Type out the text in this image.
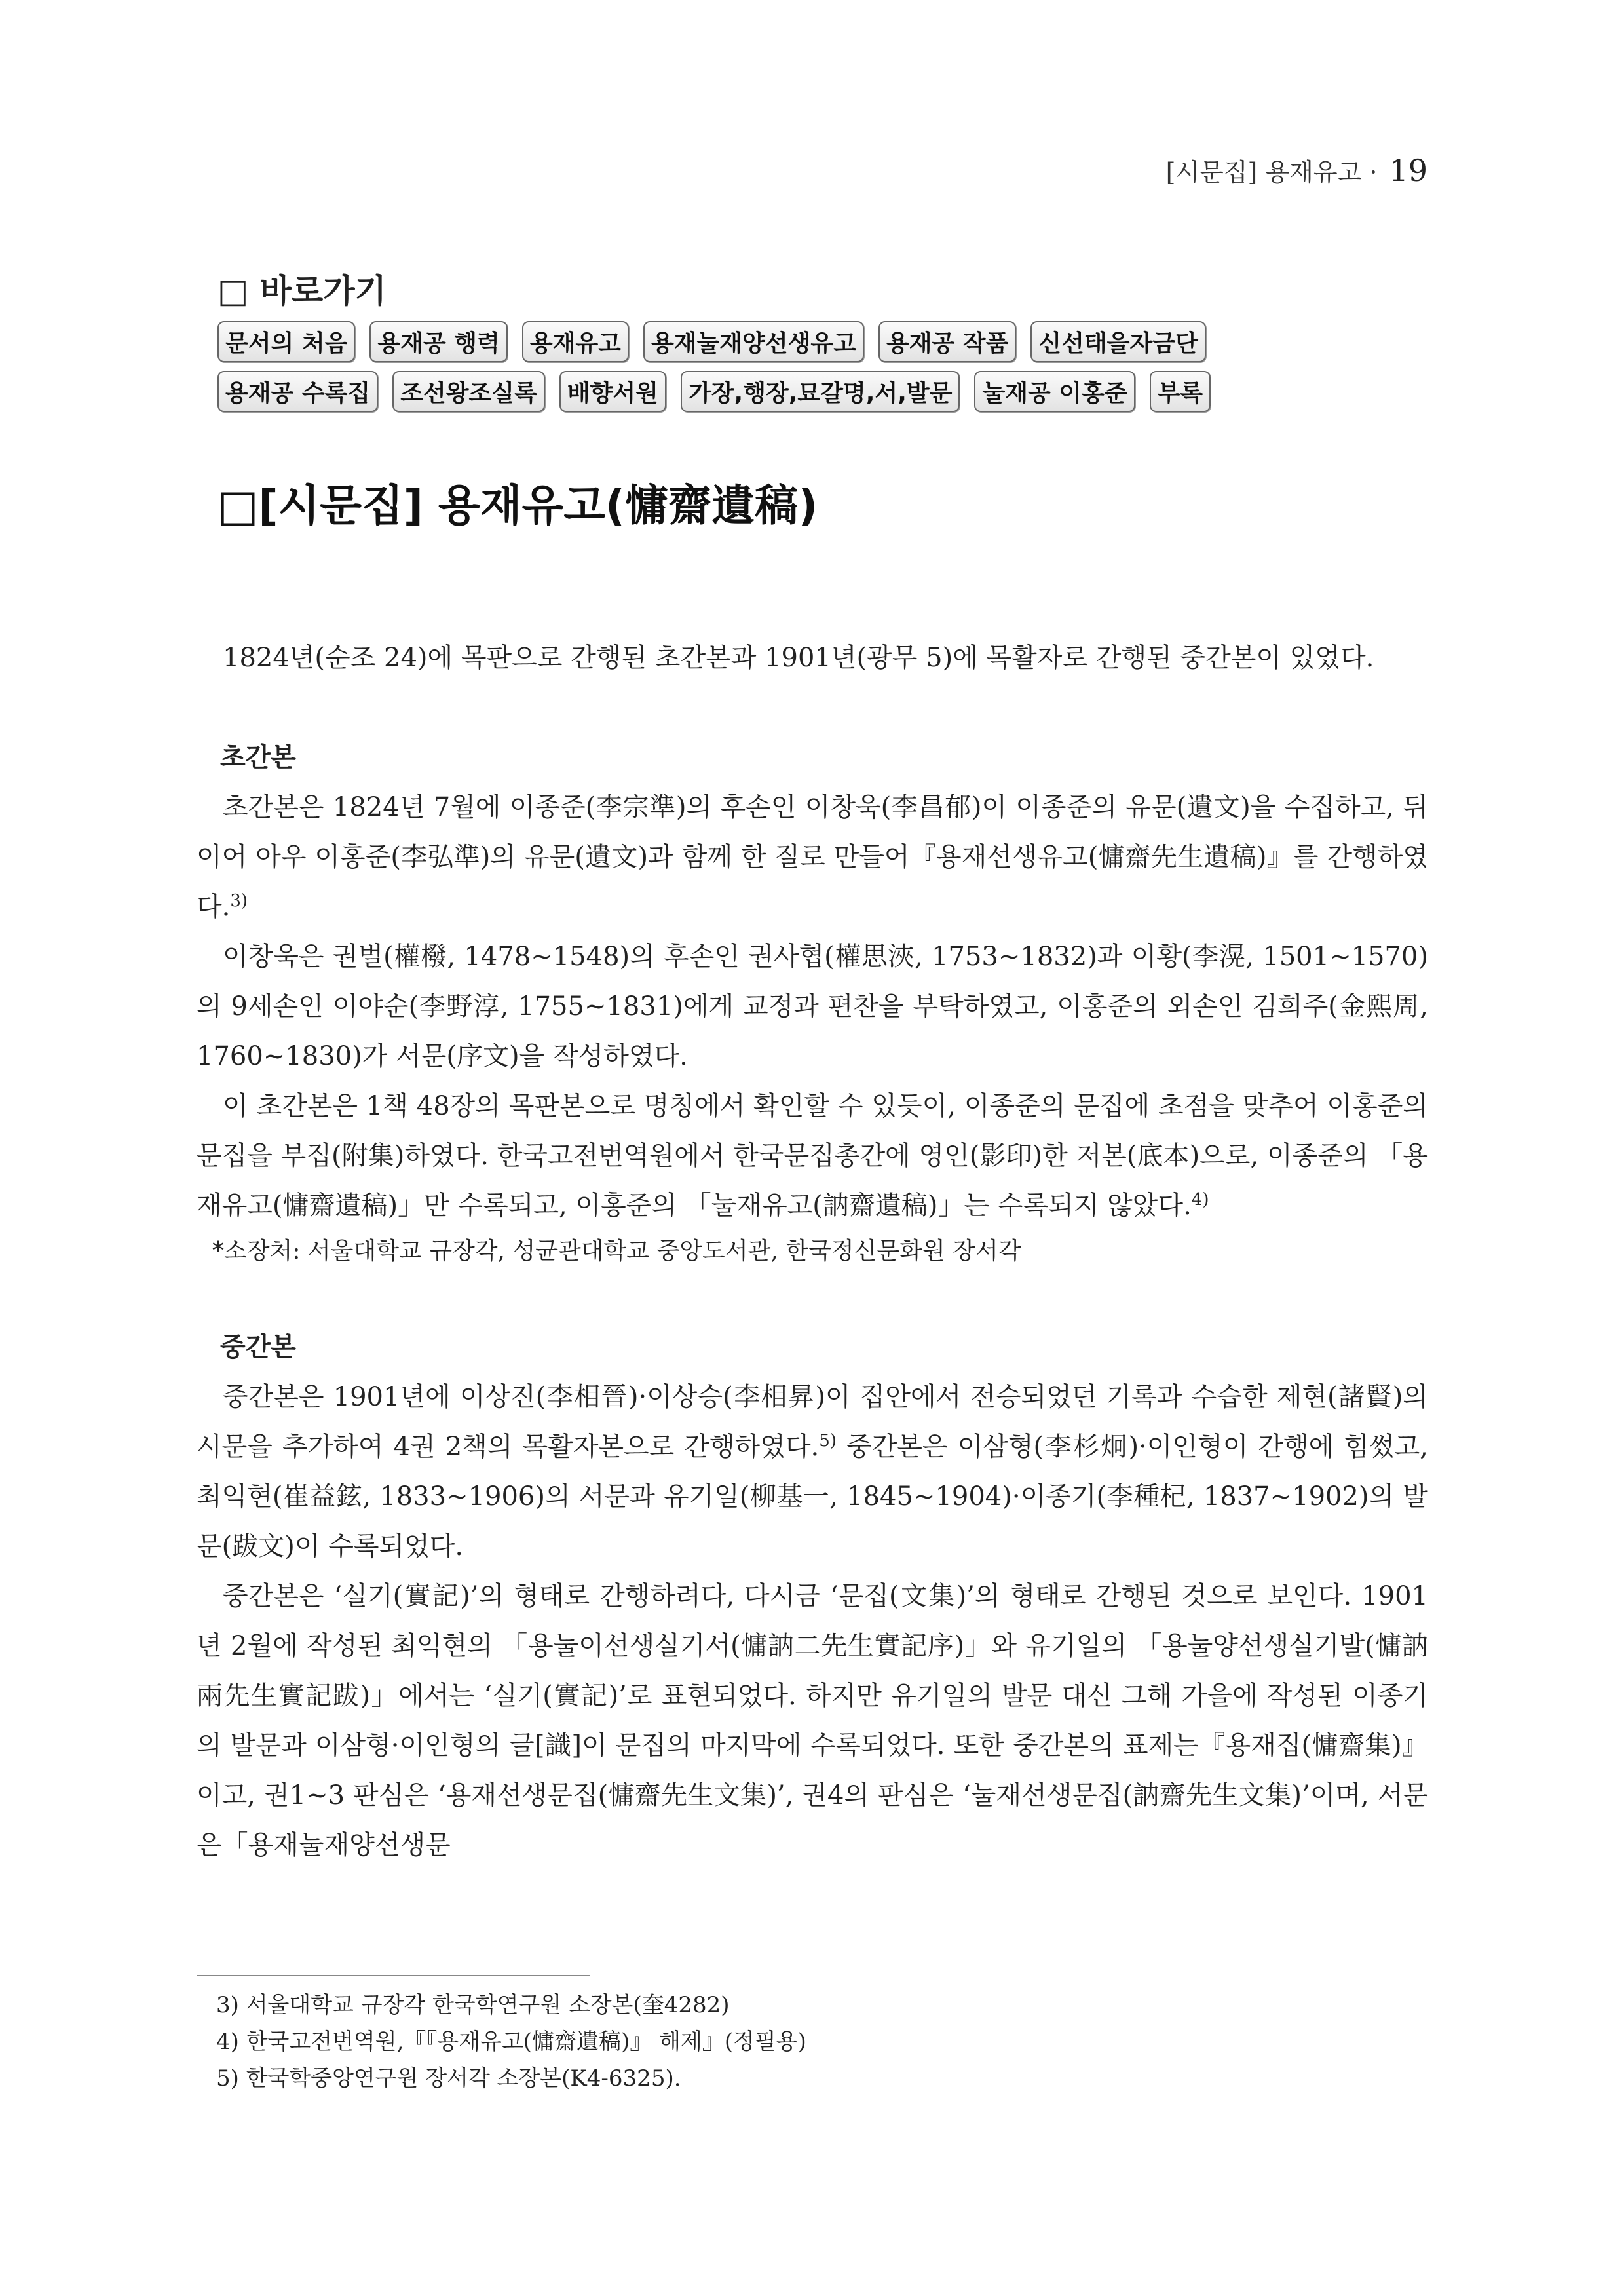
[시문집] 용재유고 · 19
□ 바로가기
문서의 처음	용재공 행력	용재유고	용재눌재양선생유고	용재공 작품	신선태을자금단
용재공 수록집	조선왕조실록	배향서원	가장,행장,묘갈명,서,발문	눌재공 이홍준	부록
□[시문집] 용재유고(慵齋遺稿)

1824년(순조 24)에 목판으로 간행된 초간본과 1901년(광무 5)에 목활자로 간행된 중간본이 있었다.

초간본

초간본은 1824년 7월에 이종준(李宗準)의 후손인 이창욱(李昌郁)이 이종준의 유문(遺文)을 수집하고, 뒤이어 아우 이홍준(李弘準)의 유문(遺文)과 함께 한 질로 만들어『용재선생유고(慵齋先生遺稿)』를 간행하였다.$^{3)}$

이창욱은 권벌(權橃, 1478~1548)의 후손인 권사협(權思浹, 1753~1832)과 이황(李滉, 1501~1570)의 9세손인 이야순(李野淳, 1755~1831)에게 교정과 편찬을 부탁하였고, 이홍준의 외손인 김희주(金熙周, 1760~1830)가 서문(序文)을 작성하였다.

이 초간본은 1책 48장의 목판본으로 명칭에서 확인할 수 있듯이, 이종준의 문집에 초점을 맞추어 이홍준의 문집을 부집(附集)하였다. 한국고전번역원에서 한국문집총간에 영인(影印)한 저본(底本)으로, 이종준의 「용재유고(慵齋遺稿)」만 수록되고, 이홍준의 「눌재유고(訥齋遺稿)」는 수록되지 않았다.$^{4)}$

*소장처: 서울대학교 규장각, 성균관대학교 중앙도서관, 한국정신문화원 장서각
중간본

중간본은 1901년에 이상진(李相晉)·이상승(李相昇)이 집안에서 전승되었던 기록과 수습한 제현(諸賢)의 시문을 추가하여 4권 2책의 목활자본으로 간행하였다.$^{5)}$ 중간본은 이삼형(李杉炯)·이인형이 간행에 힘썼고, 최익현(崔益鉉, 1833~1906)의 서문과 유기일(柳基一, 1845~1904)·이종기(李種杞, 1837~1902)의 발문(跋文)이 수록되었다.

중간본은 ‘실기(實記)’의 형태로 간행하려다, 다시금 ‘문집(文集)’의 형태로 간행된 것으로 보인다. 1901년 2월에 작성된 최익현의 「용눌이선생실기서(慵訥二先生實記序)」와 유기일의 「용눌양선생실기발(慵訥兩先生實記跋)」에서는 ‘실기(實記)’로 표현되었다. 하지만 유기일의 발문 대신 그해 가을에 작성된 이종기의 발문과 이삼형·이인형의 글[識]이 문집의 마지막에 수록되었다. 또한 중간본의 표제는『용재집(慵齋集)』이고, 권1~3 판심은 ‘용재선생문집(慵齋先生文集)’, 권4의 판심은 ‘눌재선생문집(訥齋先生文集)’이며, 서문은「용재눌재양선생문

3) 서울대학교 규장각 한국학연구원 소장본(奎4282)
4) 한국고전번역원,『『용재유고(慵齋遺稿)』 해제』(정필용)
5) 한국학중앙연구원 장서각 소장본(K4-6325).
